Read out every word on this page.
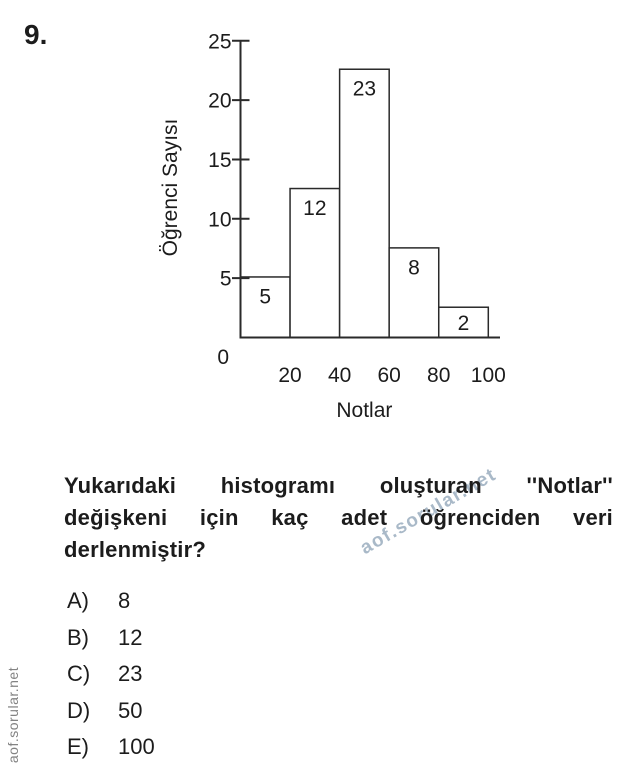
9.
5
12
23
8
2
25
20
15
10
5
0
20 40 60 80 100
Notlar
Öğrenci Sayısı
aof.sorular.net
aof.sorular.net
Yukarıdaki histogramı oluşturan ''Notlar''
değişkeni için kaç adet öğrenciden veri
derlenmiştir?
A)	8
B)	12
C)	23
D)	50
E)	100
